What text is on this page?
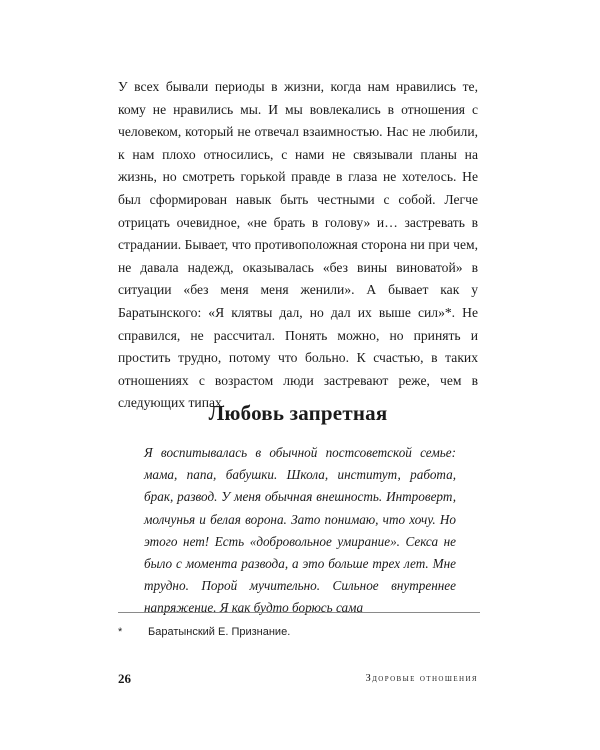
У всех бывали периоды в жизни, когда нам нравились те, кому не нравились мы. И мы вовлекались в отношения с человеком, который не отвечал взаимностью. Нас не любили, к нам плохо относились, с нами не связывали планы на жизнь, но смотреть горькой правде в глаза не хотелось. Не был сформирован навык быть честными с собой. Легче отрицать очевидное, «не брать в голову» и… застревать в страдании. Бывает, что противоположная сторона ни при чем, не давала надежд, оказывалась «без вины виноватой» в ситуации «без меня меня женили». А бывает как у Баратынского: «Я клятвы дал, но дал их выше сил»*. Не справился, не рассчитал. Понять можно, но принять и простить трудно, потому что больно. К счастью, в таких отношениях с возрастом люди застревают реже, чем в следующих типах.

Любовь запретная

Я воспитывалась в обычной постсоветской семье: мама, папа, бабушки. Школа, институт, работа, брак, развод. У меня обычная внешность. Интроверт, молчунья и белая ворона. Зато понимаю, что хочу. Но этого нет! Есть «добровольное умирание». Секса не было с момента развода, а это больше трех лет. Мне трудно. Порой мучительно. Сильное внутреннее напряжение. Я как будто борюсь сама

* Баратынский Е. Признание.

26	Здоровые отношения
